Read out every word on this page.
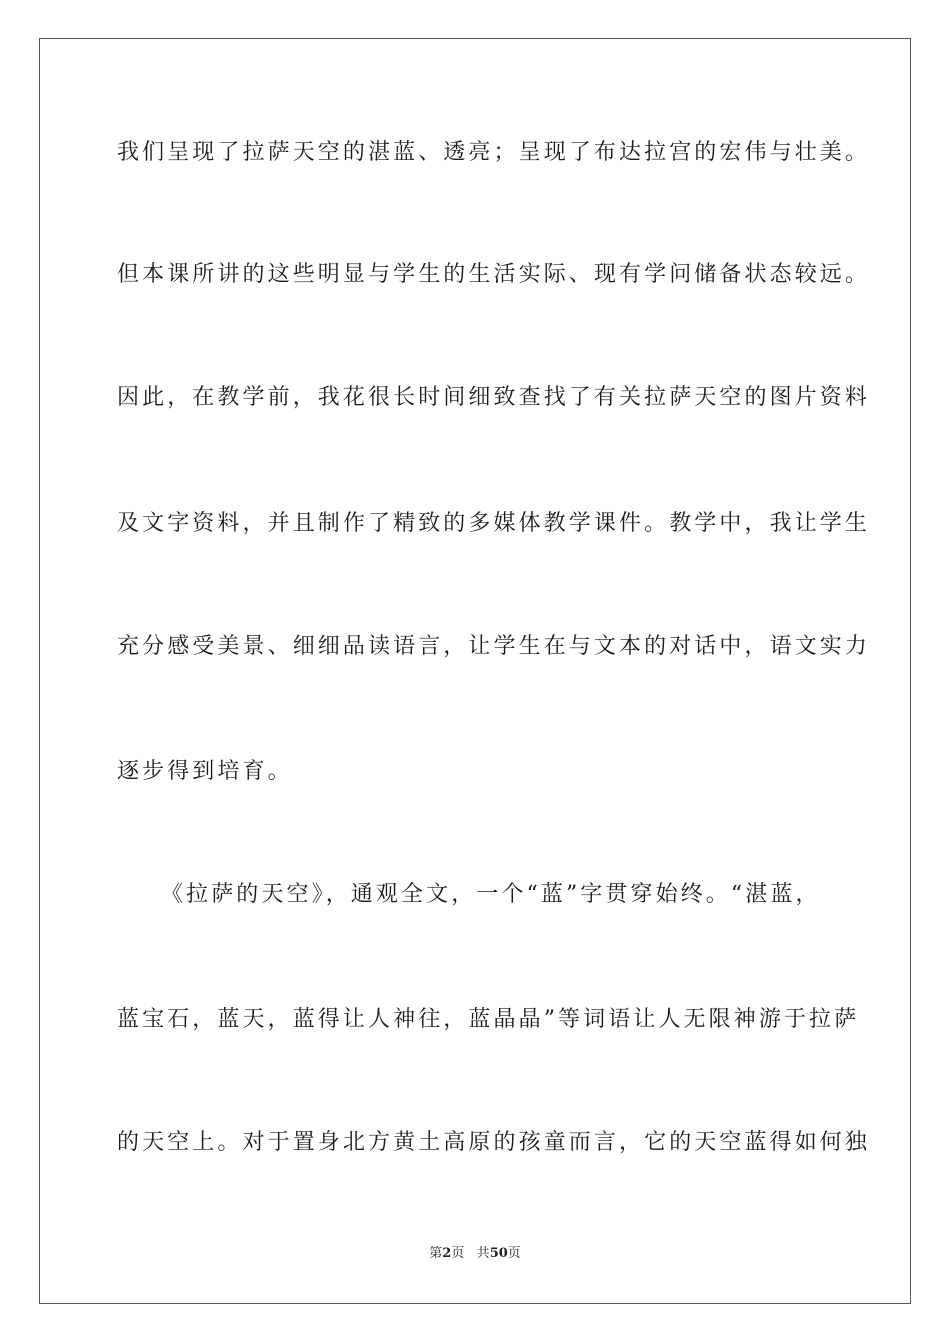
我们呈现了拉萨天空的湛蓝、透亮；呈现了布达拉宫的宏伟与壮美。
但本课所讲的这些明显与学生的生活实际、现有学问储备状态较远。
因此，在教学前，我花很长时间细致查找了有关拉萨天空的图片资料
及文字资料，并且制作了精致的多媒体教学课件。教学中，我让学生
充分感受美景、细细品读语言，让学生在与文本的对话中，语文实力
逐步得到培育。
《拉萨的天空》，通观全文，一个“蓝”字贯穿始终。“湛蓝，
蓝宝石，蓝天，蓝得让人神往，蓝晶晶”等词语让人无限神游于拉萨
的天空上。对于置身北方黄土高原的孩童而言，它的天空蓝得如何独
第2页 共50页
